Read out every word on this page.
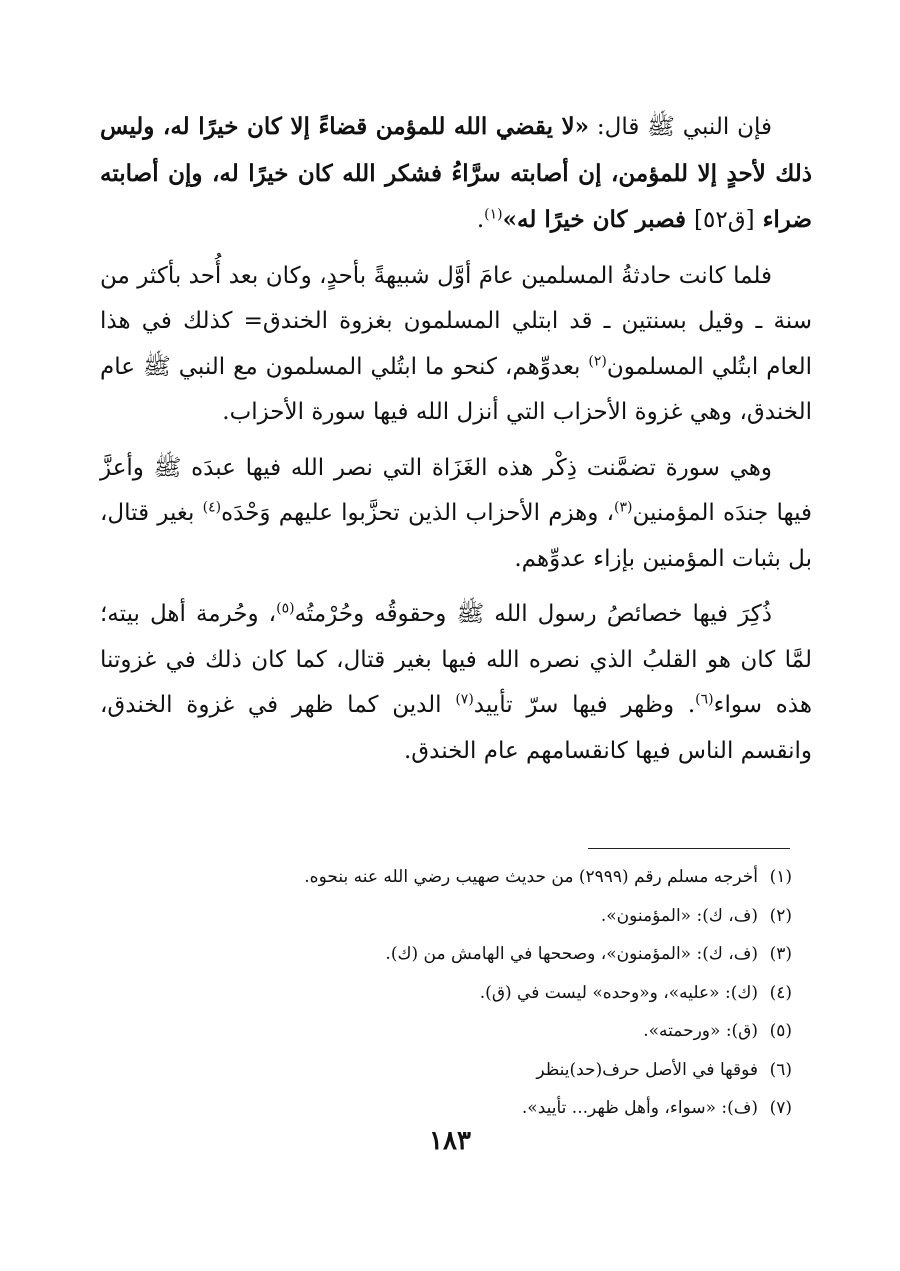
فإن النبي ﷺ قال: «لا يقضي الله للمؤمن قضاءً إلا كان خيرًا له، وليس ذلك لأحدٍ إلا للمؤمن، إن أصابته سرَّاءُ فشكر الله كان خيرًا له، وإن أصابته ضراء [ق٥٢] فصبر كان خيرًا له»$^{(١)}$.

فلما كانت حادثةُ المسلمين عامَ أوَّل شبيهةً بأحدٍ، وكان بعد أُحد بأكثر من سنة ـ وقيل بسنتين ـ قد ابتلي المسلمون بغزوة الخندق= كذلك في هذا العام ابتُلي المسلمون$^{(٢)}$ بعدوِّهم، كنحو ما ابتُلي المسلمون مع النبي ﷺ عام الخندق، وهي غزوة الأحزاب التي أنزل الله فيها سورة الأحزاب.

وهي سورة تضمَّنت ذِكْر هذه الغَزَاة التي نصر الله فيها عبدَه ﷺ وأعزَّ فيها جندَه المؤمنين$^{(٣)}$، وهزم الأحزاب الذين تحزَّبوا عليهم وَحْدَه$^{(٤)}$ بغير قتال، بل بثبات المؤمنين بإزاء عدوِّهم.

ذُكِرَ فيها خصائصُ رسول الله ﷺ وحقوقُه وحُرْمتُه$^{(٥)}$، وحُرمة أهل بيته؛ لمَّا كان هو القلبُ الذي نصره الله فيها بغير قتال، كما كان ذلك في غزوتنا هذه سواء$^{(٦)}$. وظهر فيها سرّ تأييد$^{(٧)}$ الدين كما ظهر في غزوة الخندق، وانقسم الناس فيها كانقسامهم عام الخندق.

(١)
أخرجه مسلم رقم (٢٩٩٩) من حديث صهيب رضي الله عنه بنحوه.
(٢)
(ف، ك): «المؤمنون».
(٣)
(ف، ك): «المؤمنون»، وصححها في الهامش من (ك).
(٤)
(ك): «عليه»، و«وحده» ليست في (ق).
(٥)
(ق): «ورحمته».
(٦)
فوقها في الأصل حرف(حد)ينظر
(٧)
(ف): «سواء، وأهل ظهر... تأييد».
١٨٣
